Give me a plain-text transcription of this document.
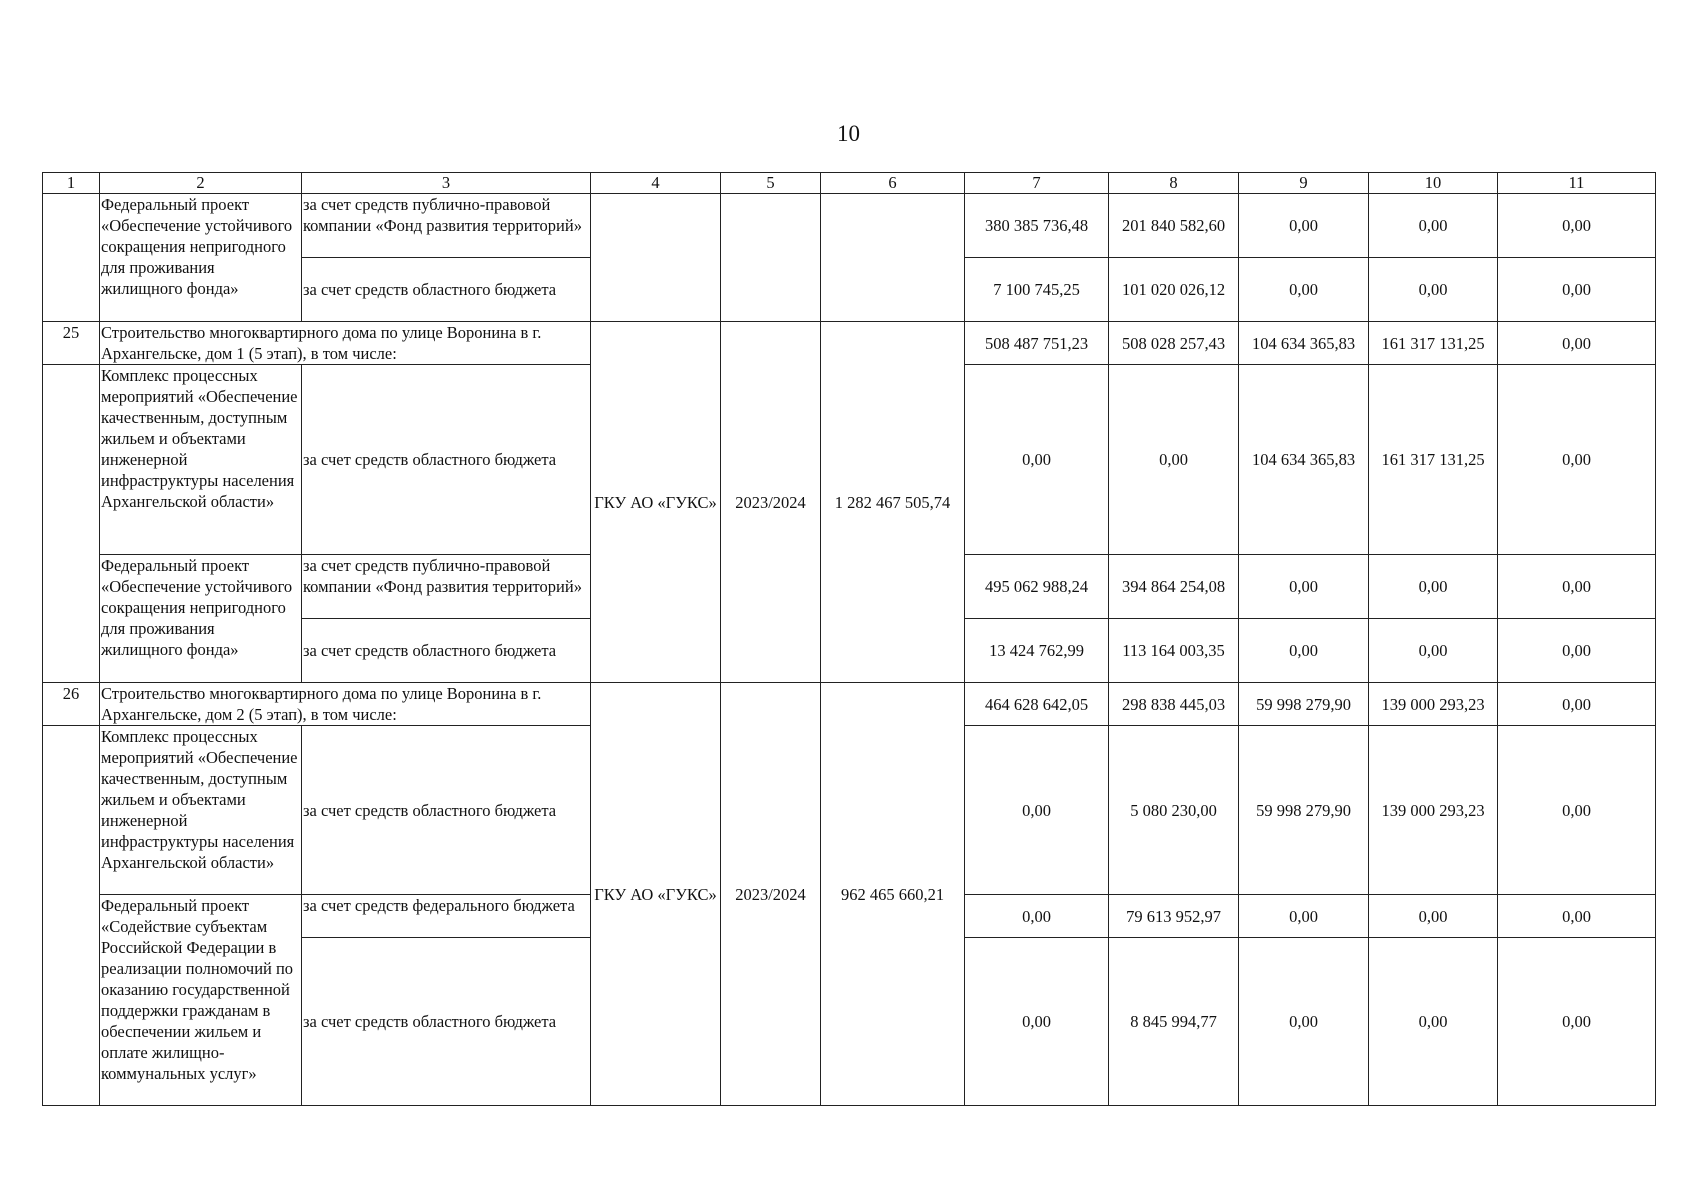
10
1	2	3	4	5	6	7	8	9	10	11
	Федеральный проект «Обеспечение устойчивого сокращения непригодного для проживания жилищного фонда»	за счет средств публично-правовой компании «Фонд развития территорий»				380 385 736,48	201 840 582,60	0,00	0,00	0,00
		за счет средств областного бюджета				7 100 745,25	101 020 026,12	0,00	0,00	0,00
25	Строительство многоквартирного дома по улице Воронина в г. Архангельске, дом 1 (5 этап), в том числе:		ГКУ АО «ГУКС»	2023/2024	1 282 467 505,74	508 487 751,23	508 028 257,43	104 634 365,83	161 317 131,25	0,00
	Комплекс процессных мероприятий «Обеспечение качественным, доступным жильем и объектами инженерной инфраструктуры населения Архангельской области»	за счет средств областного бюджета				0,00	0,00	104 634 365,83	161 317 131,25	0,00
	Федеральный проект «Обеспечение устойчивого сокращения непригодного для проживания жилищного фонда»	за счет средств публично-правовой компании «Фонд развития территорий»				495 062 988,24	394 864 254,08	0,00	0,00	0,00
		за счет средств областного бюджета				13 424 762,99	113 164 003,35	0,00	0,00	0,00
26	Строительство многоквартирного дома по улице Воронина в г. Архангельске, дом 2 (5 этап), в том числе:		ГКУ АО «ГУКС»	2023/2024	962 465 660,21	464 628 642,05	298 838 445,03	59 998 279,90	139 000 293,23	0,00
	Комплекс процессных мероприятий «Обеспечение качественным, доступным жильем и объектами инженерной инфраструктуры населения Архангельской области»	за счет средств областного бюджета				0,00	5 080 230,00	59 998 279,90	139 000 293,23	0,00
	Федеральный проект «Содействие субъектам Российской Федерации в реализации полномочий по оказанию государственной поддержки гражданам в обеспечении жильем и оплате жилищно-коммунальных услуг»	за счет средств федерального бюджета				0,00	79 613 952,97	0,00	0,00	0,00
		за счет средств областного бюджета				0,00	8 845 994,77	0,00	0,00	0,00
